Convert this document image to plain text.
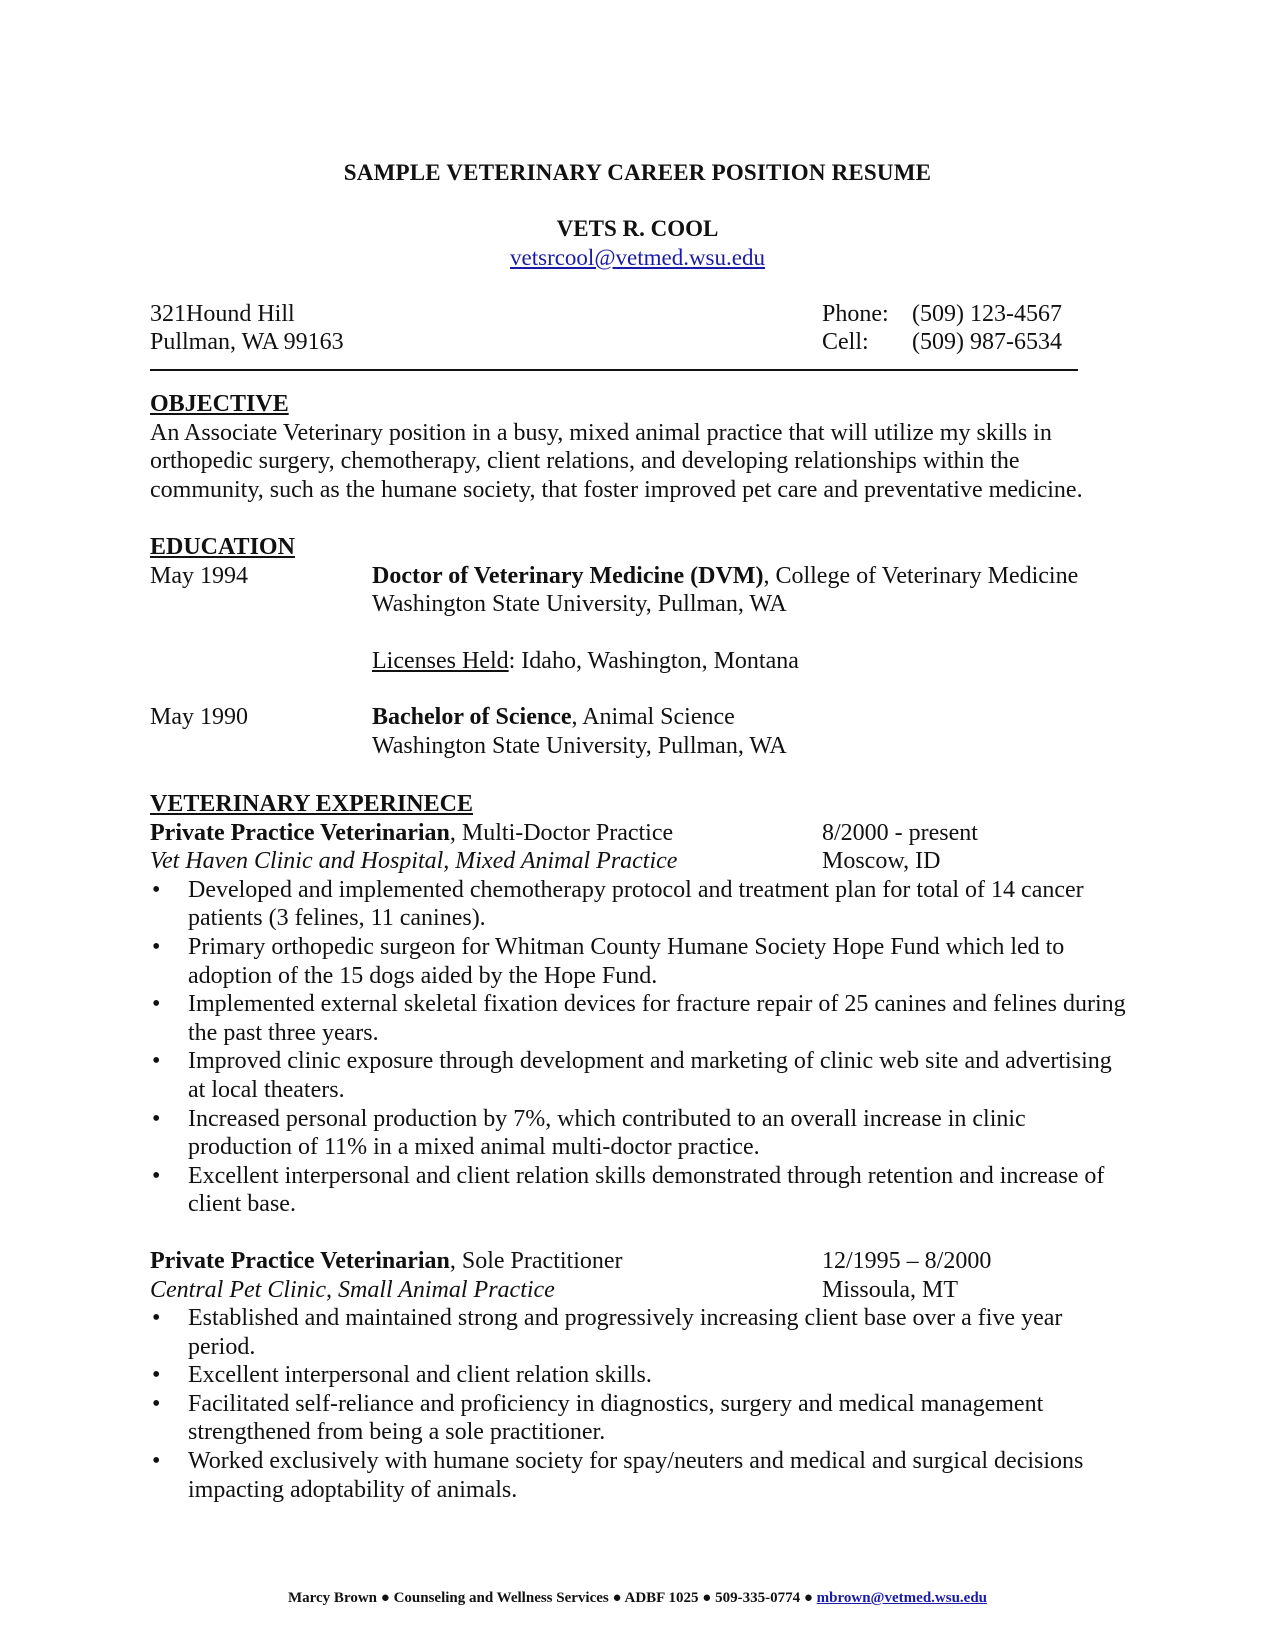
SAMPLE VETERINARY CAREER POSITION RESUME
VETS R. COOL
vetsrcool@vetmed.wsu.edu
321Hound Hill
Pullman, WA 99163
Phone: (509) 123-4567
Cell: (509) 987-6534
OBJECTIVE
An Associate Veterinary position in a busy, mixed animal practice that will utilize my skills in orthopedic surgery, chemotherapy, client relations, and developing relationships within the community, such as the humane society, that foster improved pet care and preventative medicine.
EDUCATION
May 1994	Doctor of Veterinary Medicine (DVM), College of Veterinary Medicine
Washington State University, Pullman, WA
Licenses Held: Idaho, Washington, Montana
May 1990	Bachelor of Science, Animal Science
Washington State University, Pullman, WA
VETERINARY EXPERINECE
Private Practice Veterinarian, Multi-Doctor Practice	8/2000 - present
Vet Haven Clinic and Hospital, Mixed Animal Practice	Moscow, ID
• Developed and implemented chemotherapy protocol and treatment plan for total of 14 cancer patients (3 felines, 11 canines).
• Primary orthopedic surgeon for Whitman County Humane Society Hope Fund which led to adoption of the 15 dogs aided by the Hope Fund.
• Implemented external skeletal fixation devices for fracture repair of 25 canines and felines during the past three years.
• Improved clinic exposure through development and marketing of clinic web site and advertising at local theaters.
• Increased personal production by 7%, which contributed to an overall increase in clinic production of 11% in a mixed animal multi-doctor practice.
• Excellent interpersonal and client relation skills demonstrated through retention and increase of client base.
Private Practice Veterinarian, Sole Practitioner	12/1995 – 8/2000
Central Pet Clinic, Small Animal Practice	Missoula, MT
• Established and maintained strong and progressively increasing client base over a five year period.
• Excellent interpersonal and client relation skills.
• Facilitated self-reliance and proficiency in diagnostics, surgery and medical management strengthened from being a sole practitioner.
• Worked exclusively with humane society for spay/neuters and medical and surgical decisions impacting adoptability of animals.
Marcy Brown ● Counseling and Wellness Services ● ADBF 1025 ● 509-335-0774 ● mbrown@vetmed.wsu.edu
